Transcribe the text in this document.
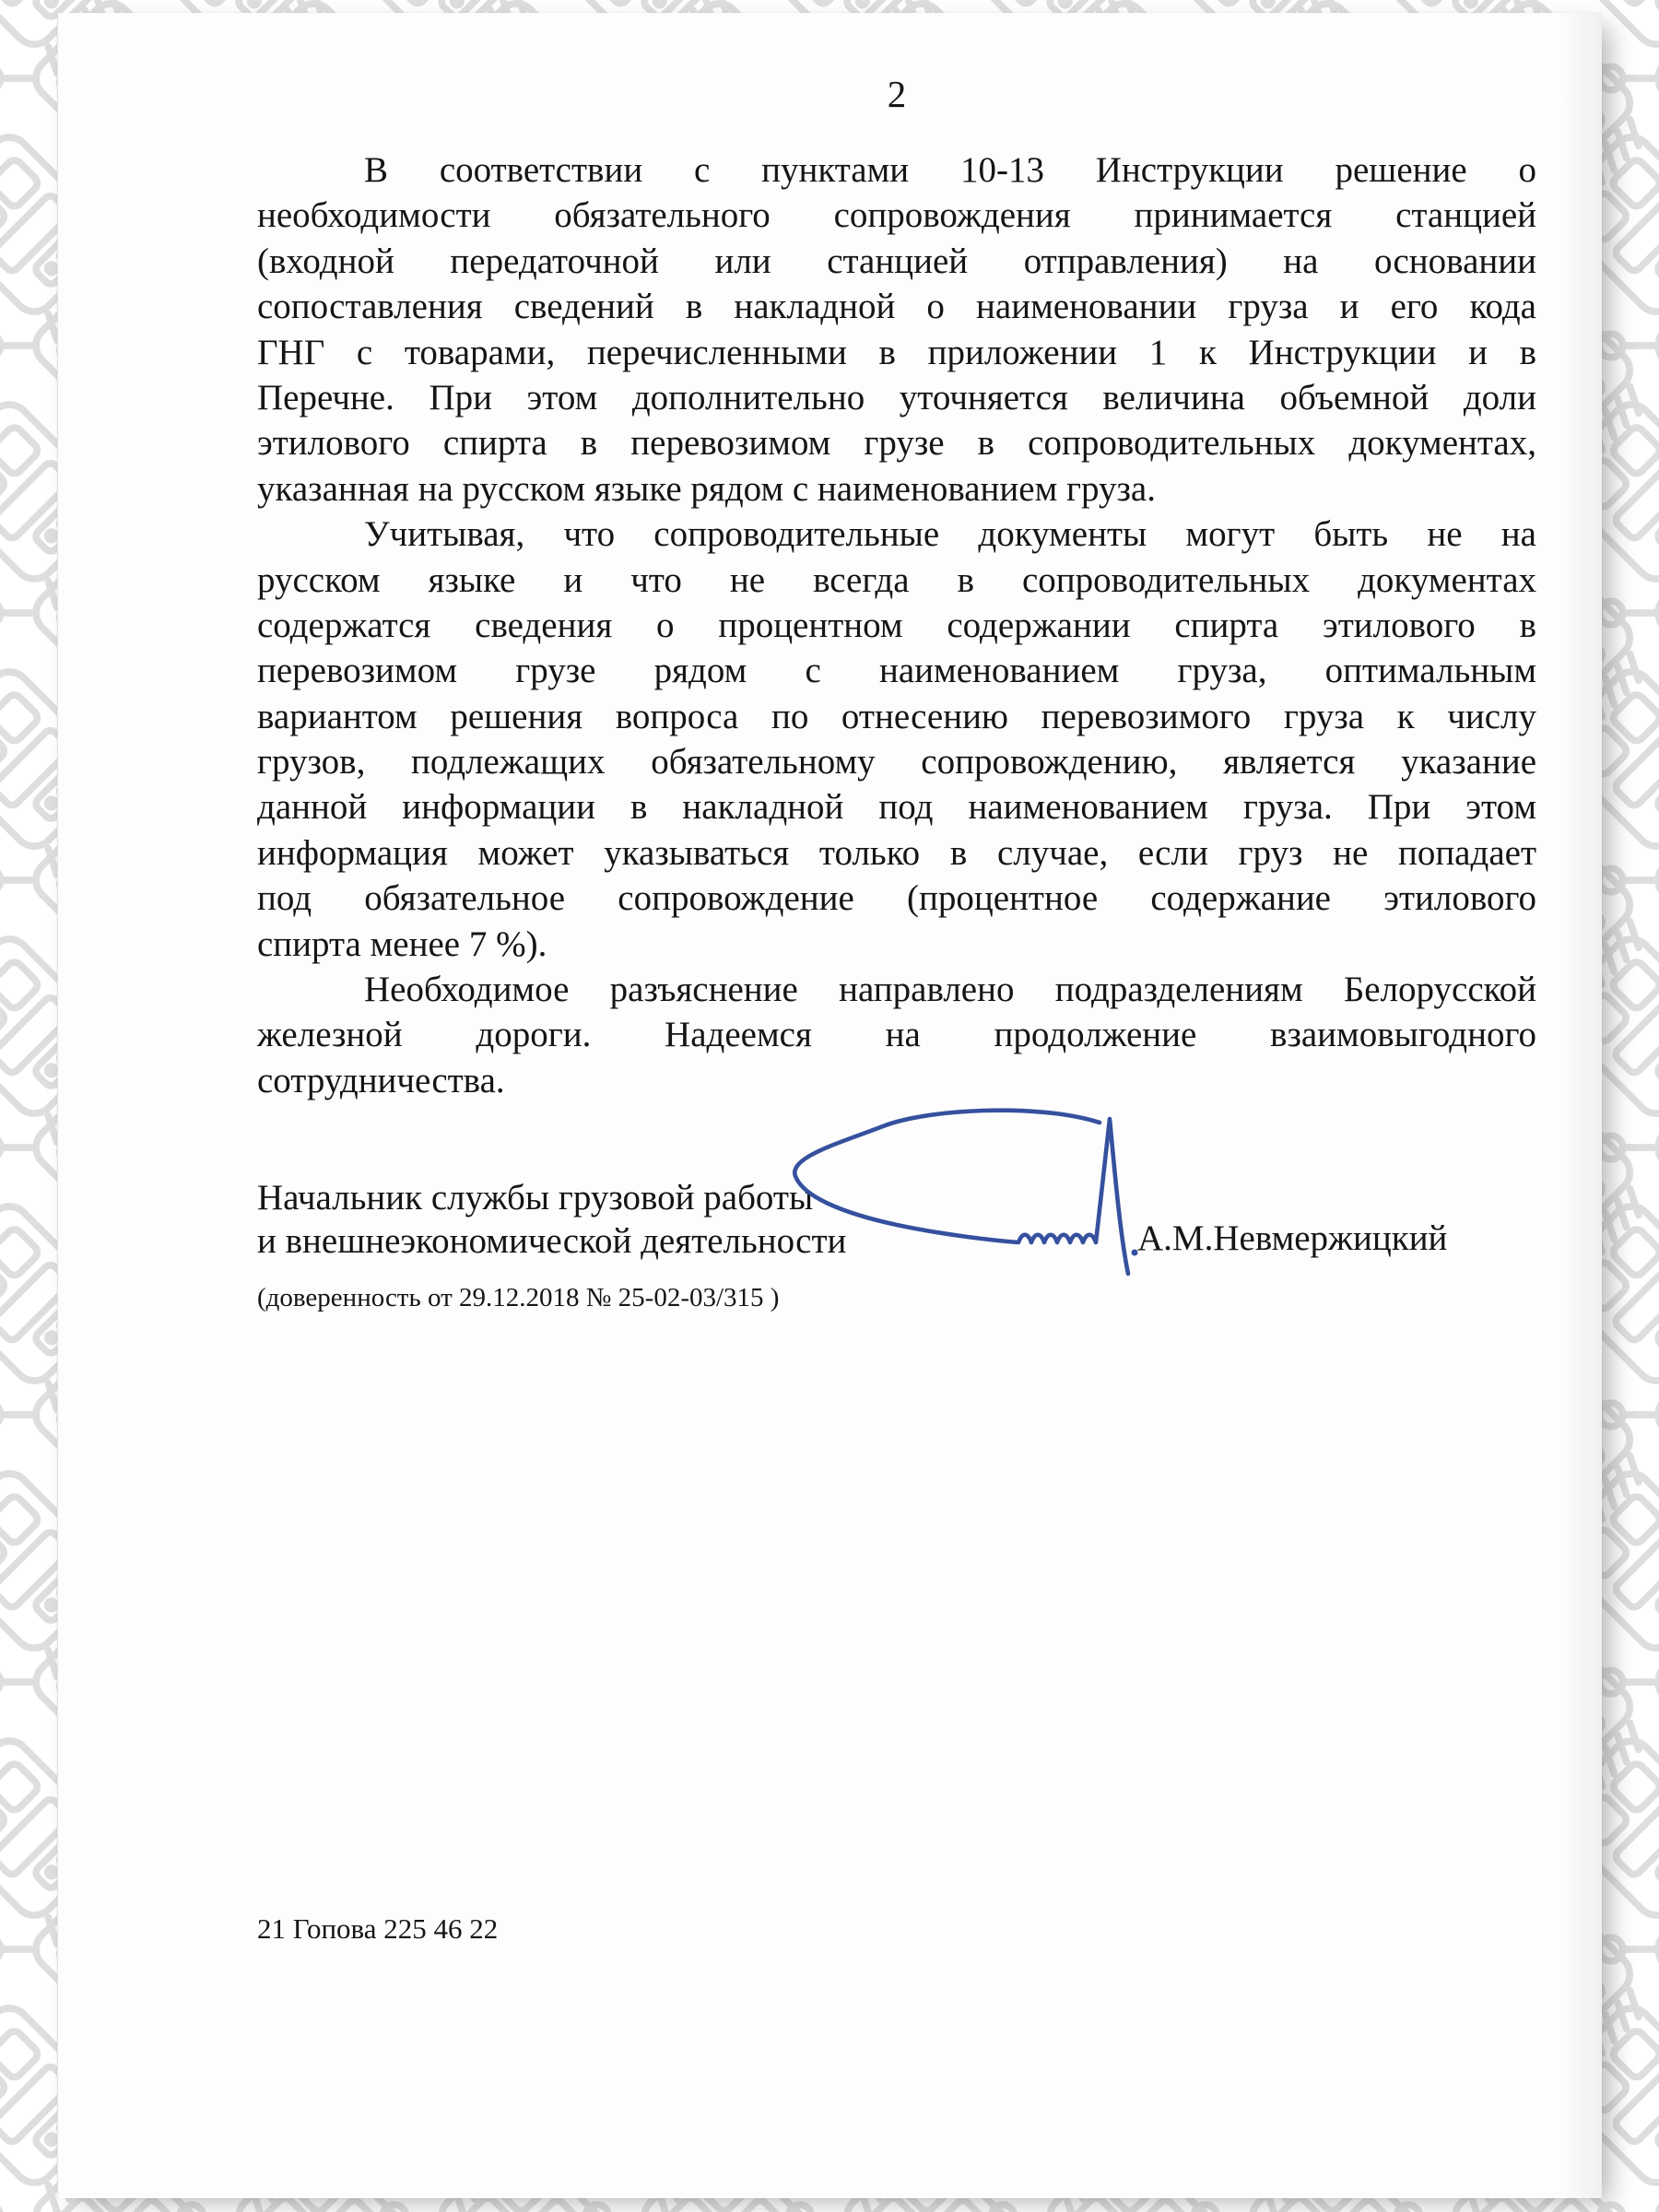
2
В соответствии с пунктами 10-13 Инструкции решение о
необходимости обязательного сопровождения принимается станцией
(входной передаточной или станцией отправления) на основании
сопоставления сведений в накладной о наименовании груза и его кода
ГНГ с товарами, перечисленными в приложении 1 к Инструкции и в
Перечне. При этом дополнительно уточняется величина объемной доли
этилового спирта в перевозимом грузе в сопроводительных документах,
указанная на русском языке рядом с наименованием груза.
Учитывая, что сопроводительные документы могут быть не на
русском языке и что не всегда в сопроводительных документах
содержатся сведения о процентном содержании спирта этилового в
перевозимом грузе рядом с наименованием груза, оптимальным
вариантом решения вопроса по отнесению перевозимого груза к числу
грузов, подлежащих обязательному сопровождению, является указание
данной информации в накладной под наименованием груза. При этом
информация может указываться только в случае, если груз не попадает
под обязательное сопровождение (процентное содержание этилового
спирта менее 7 %).
Необходимое разъяснение направлено подразделениям Белорусской
железной дороги. Надеемся на продолжение взаимовыгодного
сотрудничества.
Начальник службы грузовой работы
и внешнеэкономической деятельности	А.М.Невмержицкий
(доверенность от 29.12.2018 № 25-02-03/315 )
21 Гопова 225 46 22
